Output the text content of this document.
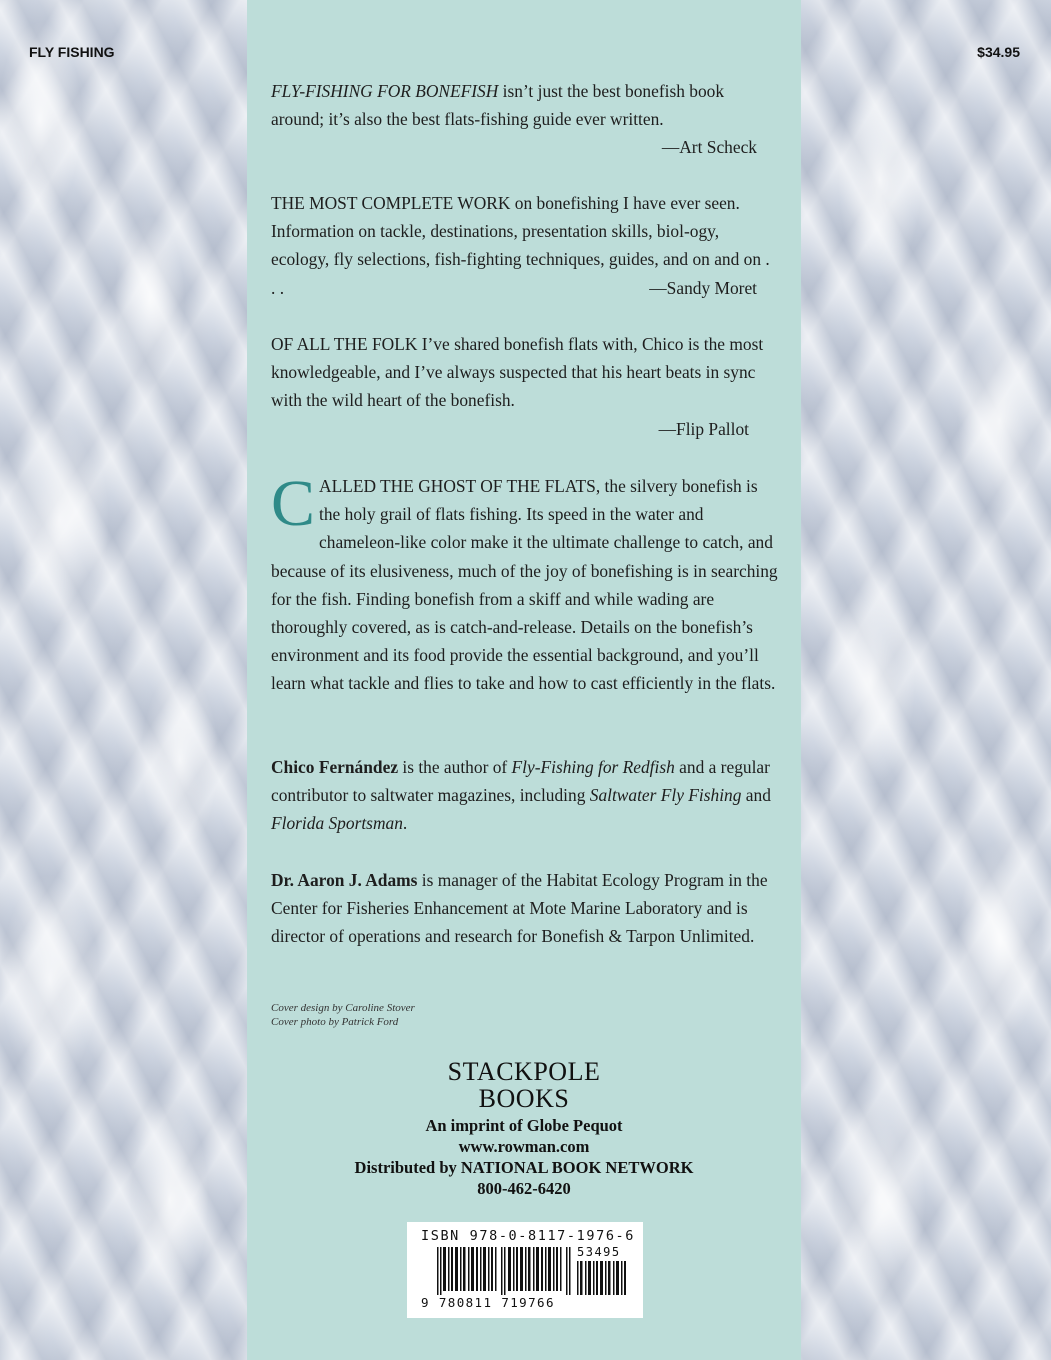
FLY FISHING	$34.95

FLY-FISHING FOR BONEFISH isn’t just the best bonefish book around; it’s also the best flats-fishing guide ever written.

—Art Scheck

THE MOST COMPLETE WORK on bonefishing I have ever seen. Information on tackle, destinations, presentation skills, biol-ogy, ecology, fly selections, fish-fighting techniques, guides, and on and on . . .	—Sandy Moret

OF ALL THE FOLK I’ve shared bonefish flats with, Chico is the most knowledgeable, and I’ve always suspected that his heart beats in sync with the wild heart of the bonefish.

—Flip Pallot

CALLED THE GHOST OF THE FLATS, the silvery bonefish is the holy grail of flats fishing. Its speed in the water and chameleon-like color make it the ultimate challenge to catch, and because of its elusiveness, much of the joy of bonefishing is in searching for the fish. Finding bonefish from a skiff and while wading are thoroughly covered, as is catch-and-release. Details on the bonefish’s environment and its food provide the essential background, and you’ll learn what tackle and flies to take and how to cast efficiently in the flats.

Chico Fernández is the author of Fly-Fishing for Redfish and a regular contributor to saltwater magazines, including Saltwater Fly Fishing and Florida Sportsman.

Dr. Aaron J. Adams is manager of the Habitat Ecology Program in the Center for Fisheries Enhancement at Mote Marine Laboratory and is director of operations and research for Bonefish & Tarpon Unlimited.

Cover design by Caroline Stover
Cover photo by Patrick Ford
STACKPOLE
BOOKS
An imprint of Globe Pequot
www.rowman.com
Distributed by NATIONAL BOOK NETWORK
800-462-6420
ISBN 978-0-8117-1976-6
53495
9 780811 719766
